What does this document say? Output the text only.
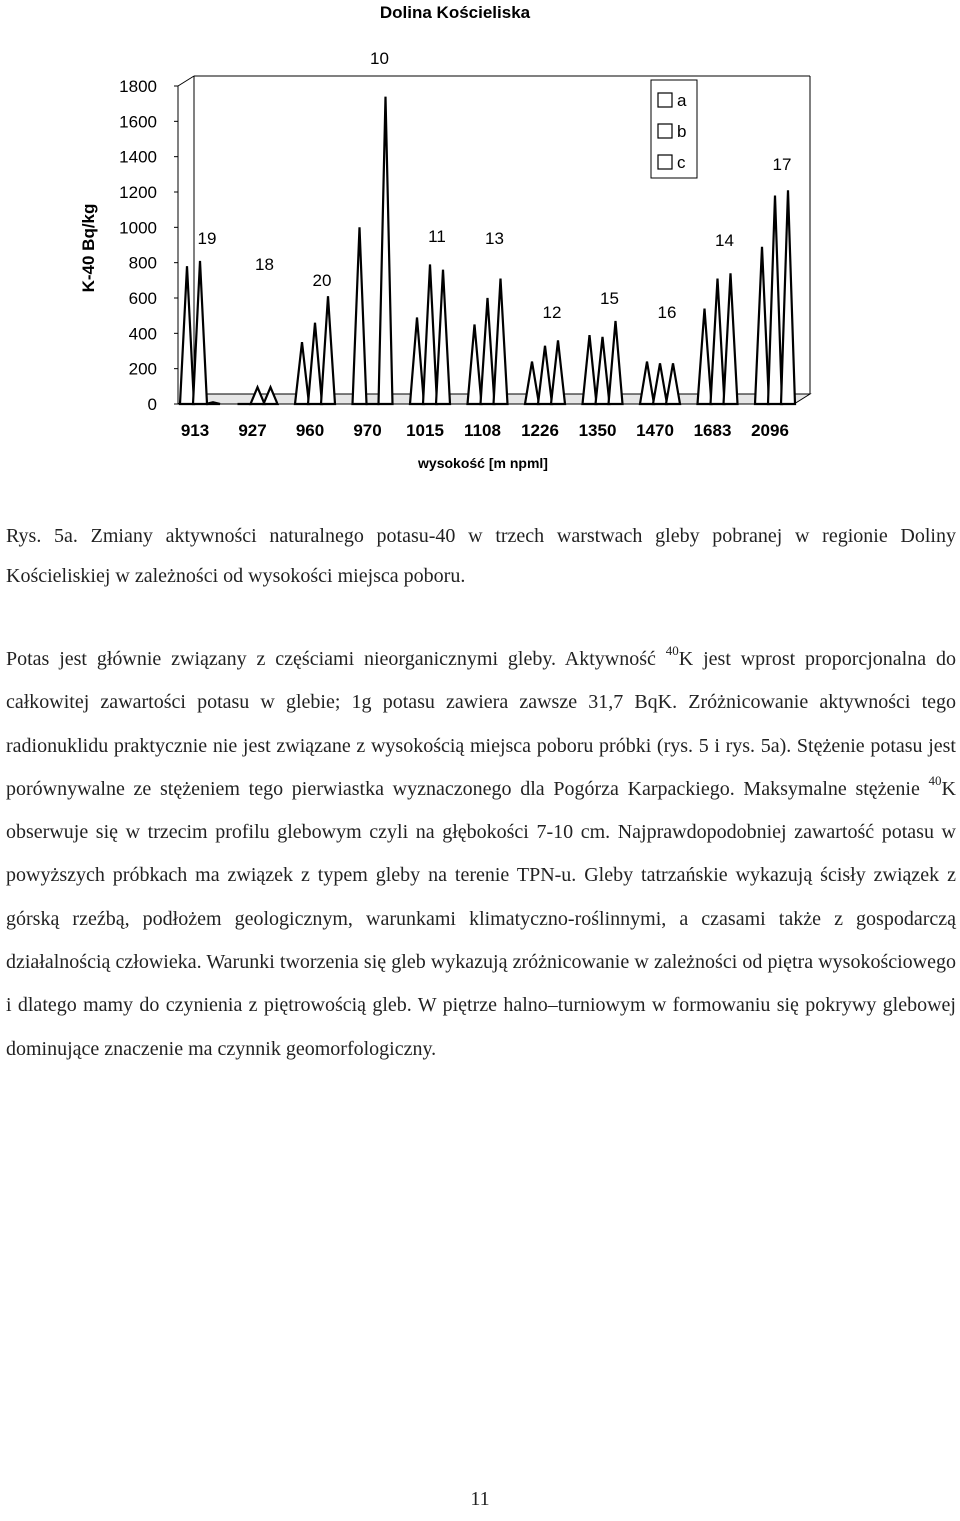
Dolina Kościeliska
K-40 Bq/kg
wysokość [m npml]
1800
1600
1400
1200
1000
800
600
400
200
0
913 927 960 970 1015 1108 1226 1350 1470 1683 2096
19
18
20
10
11 13
12
15
16
14
17
a
b
c
Rys. 5a. Zmiany aktywności naturalnego potasu-40 w trzech warstwach gleby pobranej w regionie Doliny Kościeliskiej w zależności od wysokości miejsca poboru.

Potas jest głównie związany z częściami nieorganicznymi gleby. Aktywność $^{40}$K jest wprost proporcjonalna do całkowitej zawartości potasu w glebie; 1g potasu zawiera zawsze 31,7 BqK. Zróżnicowanie aktywności tego radionuklidu praktycznie nie jest związane z wysokością miejsca poboru próbki (rys. 5 i rys. 5a). Stężenie potasu jest porównywalne ze stężeniem tego pierwiastka wyznaczonego dla Pogórza Karpackiego. Maksymalne stężenie $^{40}$K obserwuje się w trzecim profilu glebowym czyli na głębokości 7-10 cm. Najprawdopodobniej zawartość potasu w powyższych próbkach ma związek z typem gleby na terenie TPN-u. Gleby tatrzańskie wykazują ścisły związek z górską rzeźbą, podłożem geologicznym, warunkami klimatyczno-roślinnymi, a czasami także z gospodarczą działalnością człowieka. Warunki tworzenia się gleb wykazują zróżnicowanie w zależności od piętra wysokościowego i dlatego mamy do czynienia z piętrowością gleb. W piętrze halno–turniowym w formowaniu się pokrywy glebowej dominujące znaczenie ma czynnik geomorfologiczny.

11
